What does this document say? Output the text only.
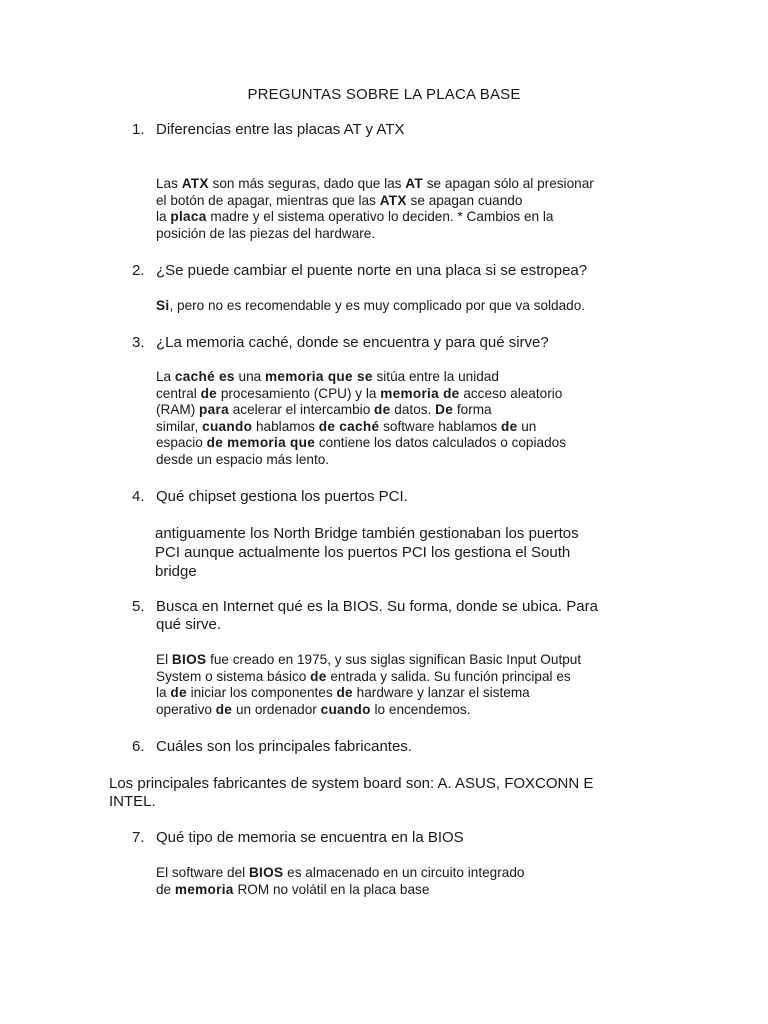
PREGUNTAS SOBRE LA PLACA BASE
1. Diferencias entre las placas AT y ATX
Las ATX son más seguras, dado que las AT se apagan sólo al presionar
el botón de apagar, mientras que las ATX se apagan cuando
la placa madre y el sistema operativo lo deciden. * Cambios en la
posición de las piezas del hardware.
2. ¿Se puede cambiar el puente norte en una placa si se estropea?
Si, pero no es recomendable y es muy complicado por que va soldado.
3. ¿La memoria caché, donde se encuentra y para qué sirve?
La caché es una memoria que se sitúa entre la unidad
central de procesamiento (CPU) y la memoria de acceso aleatorio
(RAM) para acelerar el intercambio de datos. De forma
similar, cuando hablamos de caché software hablamos de un
espacio de memoria que contiene los datos calculados o copiados
desde un espacio más lento.
4. Qué chipset gestiona los puertos PCI.
antiguamente los North Bridge también gestionaban los puertos
PCI aunque actualmente los puertos PCI los gestiona el South
bridge
5. Busca en Internet qué es la BIOS. Su forma, donde se ubica. Para
qué sirve.
El BIOS fue creado en 1975, y sus siglas significan Basic Input Output
System o sistema básico de entrada y salida. Su función principal es
la de iniciar los componentes de hardware y lanzar el sistema
operativo de un ordenador cuando lo encendemos.
6. Cuáles son los principales fabricantes.
Los principales fabricantes de system board son: A. ASUS, FOXCONN E
INTEL.
7. Qué tipo de memoria se encuentra en la BIOS
El software del BIOS es almacenado en un circuito integrado
de memoria ROM no volátil en la placa base
